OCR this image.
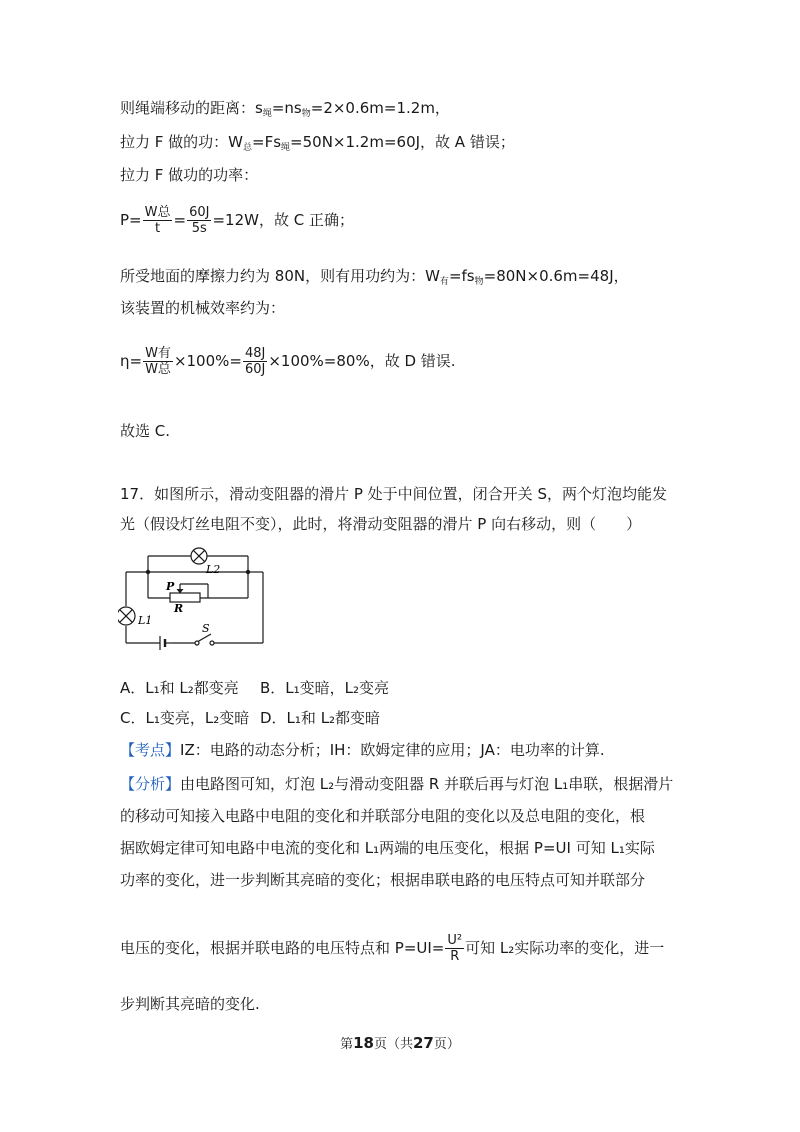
则绳端移动的距离：$s_绳=ns_物=2\times 0.6m=1.2m$，
拉力 F 做的功：$W_总=Fs_绳=50N\times 1.2m=60J$，故 A 错误；
拉力 F 做功的功率：
$P= \frac{\text{W总}}{t} = \frac{60J}{5s} =12W$，故 C 正确；
所受地面的摩擦力约为 80N，则有用功约为：$W_有=fs_物=80N\times 0.6m=48J$，
该装置的机械效率约为：
$\eta= \frac{\text{W有}}{\text{W总}} \times 100\%= \frac{48J}{60J} \times 100\%=80\%$，故 D 错误.
故选 C.
17．如图所示，滑动变阻器的滑片 P 处于中间位置，闭合开关 S，两个灯泡均能发
光（假设灯丝电阻不变），此时，将滑动变阻器的滑片 P 向右移动，则（　　）
L2
P
R
L1
S
A．L₁和 L₂都变亮 B．L₁变暗，L₂变亮
C．L₁变亮，L₂变暗 D．L₁和 L₂都变暗
【考点】IZ：电路的动态分析；IH：欧姆定律的应用；JA：电功率的计算.
【分析】由电路图可知，灯泡 L₂与滑动变阻器 R 并联后再与灯泡 L₁串联，根据滑片
的移动可知接入电路中电阻的变化和并联部分电阻的变化以及总电阻的变化，根
据欧姆定律可知电路中电流的变化和 L₁两端的电压变化，根据 P=UI 可知 L₁实际
功率的变化，进一步判断其亮暗的变化；根据串联电路的电压特点可知并联部分
电压的变化，根据并联电路的电压特点和 $P=UI= \frac{\text{U²}}{R}$ 可知 L₂实际功率的变化，进一
步判断其亮暗的变化.
第18页（共27页）
